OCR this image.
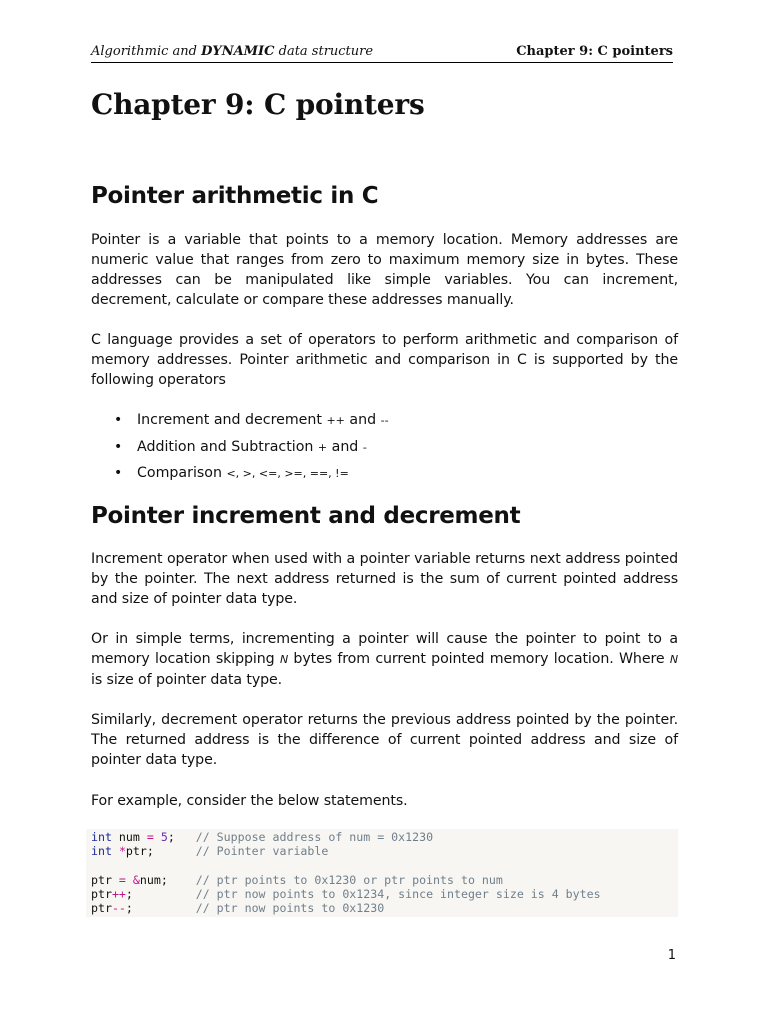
Algorithmic and DYNAMIC data structure	Chapter 9: C pointers
Chapter 9: C pointers
Pointer arithmetic in C

Pointer is a variable that points to a memory location. Memory addresses are numeric value that ranges from zero to maximum memory size in bytes. These addresses can be manipulated like simple variables. You can increment, decrement, calculate or compare these addresses manually.

C language provides a set of operators to perform arithmetic and comparison of memory addresses. Pointer arithmetic and comparison in C is supported by the following operators

• Increment and decrement ++ and --
• Addition and Subtraction + and -
• Comparison <, >, <=, >=, ==, !=
Pointer increment and decrement

Increment operator when used with a pointer variable returns next address pointed by the pointer. The next address returned is the sum of current pointed address and size of pointer data type.

Or in simple terms, incrementing a pointer will cause the pointer to point to a memory location skipping N bytes from current pointed memory location. Where N is size of pointer data type.

Similarly, decrement operator returns the previous address pointed by the pointer. The returned address is the difference of current pointed address and size of pointer data type.

For example, consider the below statements.

int num = 5;   // Suppose address of num = 0x1230
int *ptr;      // Pointer variable
ptr = &num;    // ptr points to 0x1230 or ptr points to num
ptr++;         // ptr now points to 0x1234, since integer size is 4 bytes
ptr--;         // ptr now points to 0x1230
1
